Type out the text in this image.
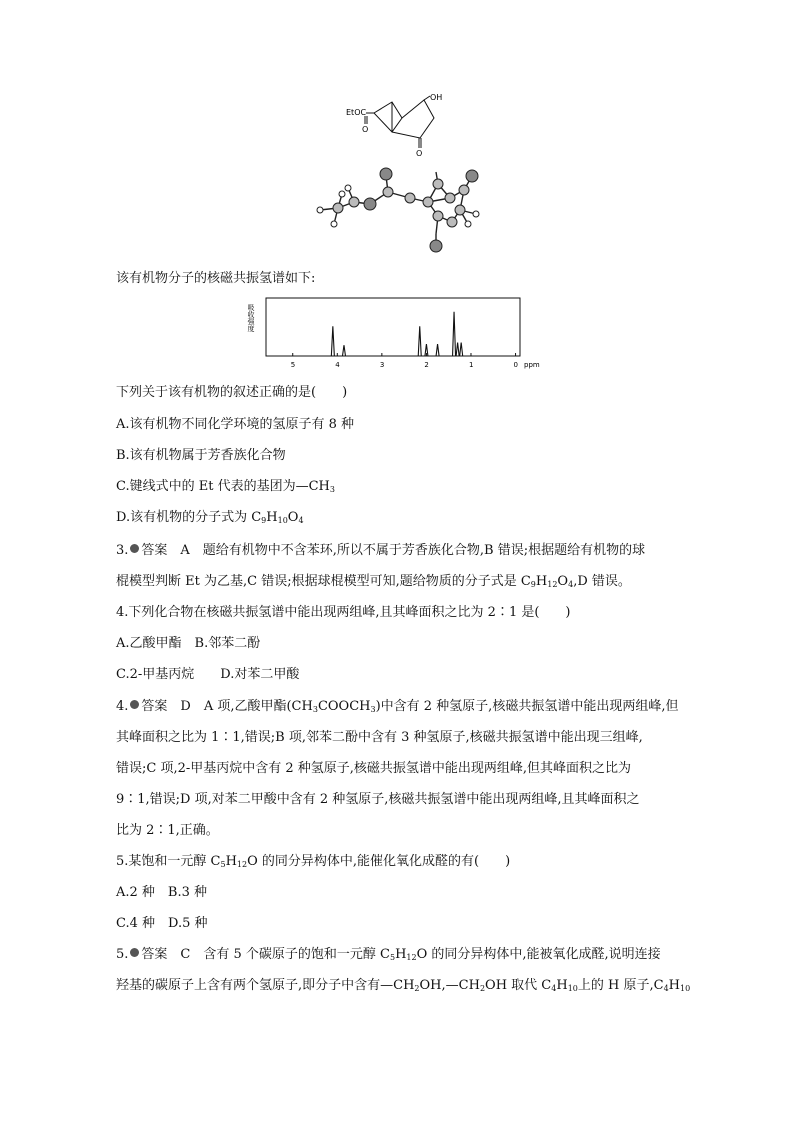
EtOC
O
OH
O
该有机物分子的核磁共振氢谱如下:
吸收强度
5	4	3	2	1	0 ppm
下列关于该有机物的叙述正确的是(　　)
A.该有机物不同化学环境的氢原子有 8 种
B.该有机物属于芳香族化合物
C.键线式中的 Et 代表的基团为$—CH_3$
D.该有机物的分子式为 $C_9H_{10}O_4$
3. 答案　A　题给有机物中不含苯环,所以不属于芳香族化合物,B 错误;根据题给有机物的球
棍模型判断 Et 为乙基,C 错误;根据球棍模型可知,题给物质的分子式是 $C_9H_{12}O_4,D$ 错误。
4.下列化合物在核磁共振氢谱中能出现两组峰,且其峰面积之比为 2∶1 是(　　)
A.乙酸甲酯　B.邻苯二酚
C.2-甲基丙烷　　D.对苯二甲酸
4. 答案　D　A 项,乙酸甲酯$(CH_3COOCH_3)$中含有 2 种氢原子,核磁共振氢谱中能出现两组峰,但
其峰面积之比为 1∶1,错误;B 项,邻苯二酚中含有 3 种氢原子,核磁共振氢谱中能出现三组峰,
错误;C 项,2-甲基丙烷中含有 2 种氢原子,核磁共振氢谱中能出现两组峰,但其峰面积之比为
9∶1,错误;D 项,对苯二甲酸中含有 2 种氢原子,核磁共振氢谱中能出现两组峰,且其峰面积之
比为 2∶1,正确。
5.某饱和一元醇 $C_5H_{12}O$ 的同分异构体中,能催化氧化成醛的有(　　)
A.2 种　B.3 种
C.4 种　D.5 种
5. 答案　C　含有 5 个碳原子的饱和一元醇 $C_5H_{12}O$ 的同分异构体中,能被氧化成醛,说明连接
羟基的碳原子上含有两个氢原子,即分子中含有$—CH_2OH,—CH_2OH$ 取代 $C_4H_{10}$上的 H 原子$,C_4H_{10}$
